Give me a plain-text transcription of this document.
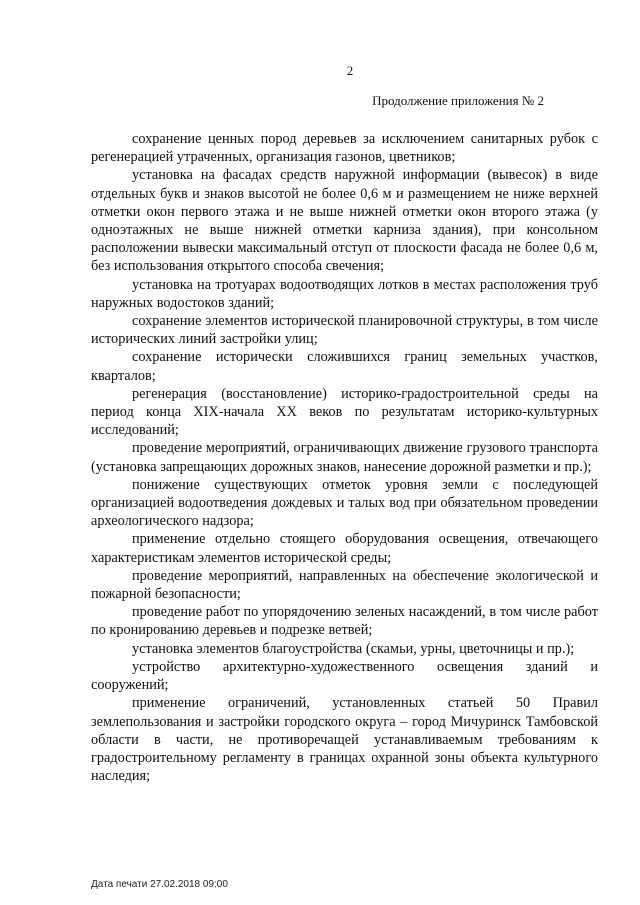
2
Продолжение приложения № 2

сохранение ценных пород деревьев за исключением санитарных рубок с регенерацией утраченных, организация газонов, цветников;

установка на фасадах средств наружной информации (вывесок) в виде отдельных букв и знаков высотой не более 0,6 м и размещением не ниже верхней отметки окон первого этажа и не выше нижней отметки окон второго этажа (у одноэтажных не выше нижней отметки карниза здания), при консольном расположении вывески максимальный отступ от плоскости фасада не более 0,6 м, без использования открытого способа свечения;

установка на тротуарах водоотводящих лотков в местах расположения труб наружных водостоков зданий;

сохранение элементов исторической планировочной структуры, в том числе исторических линий застройки улиц;

сохранение исторически сложившихся границ земельных участков, кварталов;

регенерация (восстановление) историко-градостроительной среды на период конца XIX-начала XX веков по результатам историко-культурных исследований;

проведение мероприятий, ограничивающих движение грузового транспорта (установка запрещающих дорожных знаков, нанесение дорожной разметки и пр.);

понижение существующих отметок уровня земли с последующей организацией водоотведения дождевых и талых вод при обязательном проведении археологического надзора;

применение отдельно стоящего оборудования освещения, отвечающего характеристикам элементов исторической среды;

проведение мероприятий, направленных на обеспечение экологической и пожарной безопасности;

проведение работ по упорядочению зеленых насаждений, в том числе работ по кронированию деревьев и подрезке ветвей;

установка элементов благоустройства (скамьи, урны, цветочницы и пр.);

устройство архитектурно-художественного освещения зданий и сооружений;

применение ограничений, установленных статьей 50 Правил землепользования и застройки городского округа – город Мичуринск Тамбовской области в части, не противоречащей устанавливаемым требованиям к градостроительному регламенту в границах охранной зоны объекта культурного наследия;

Дата печати 27.02.2018 09:00
